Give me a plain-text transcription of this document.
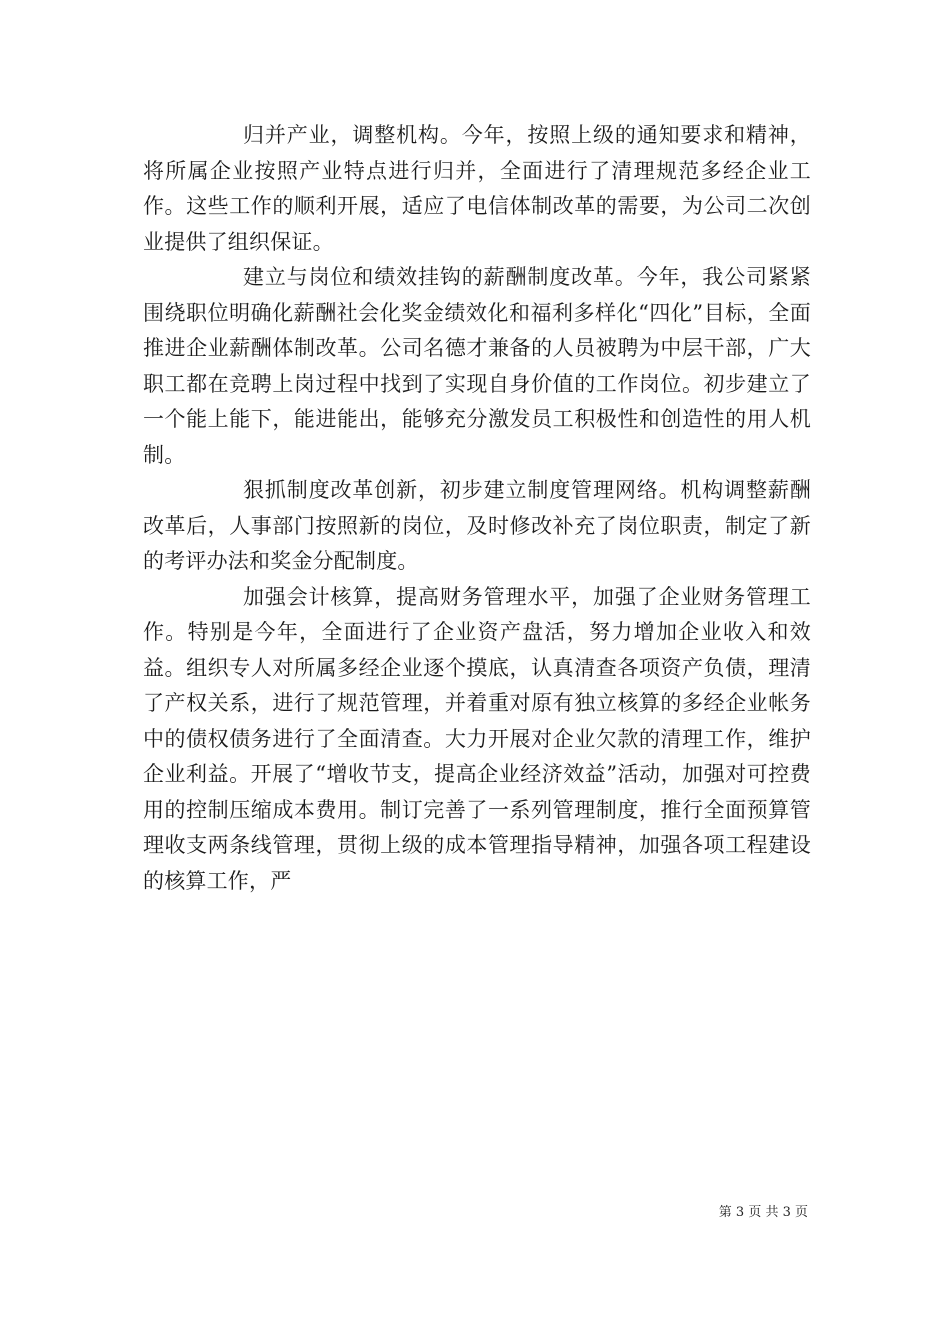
归并产业，调整机构。今年，按照上级的通知要求和精神，将所属企业按照产业特点进行归并，全面进行了清理规范多经企业工作。这些工作的顺利开展，适应了电信体制改革的需要，为公司二次创业提供了组织保证。

建立与岗位和绩效挂钩的薪酬制度改革。今年，我公司紧紧围绕职位明确化薪酬社会化奖金绩效化和福利多样化“四化”目标，全面推进企业薪酬体制改革。公司名德才兼备的人员被聘为中层干部，广大职工都在竞聘上岗过程中找到了实现自身价值的工作岗位。初步建立了一个能上能下，能进能出，能够充分激发员工积极性和创造性的用人机制。

狠抓制度改革创新，初步建立制度管理网络。机构调整薪酬改革后，人事部门按照新的岗位，及时修改补充了岗位职责，制定了新的考评办法和奖金分配制度。

加强会计核算，提高财务管理水平，加强了企业财务管理工作。特别是今年，全面进行了企业资产盘活，努力增加企业收入和效益。组织专人对所属多经企业逐个摸底，认真清查各项资产负债，理清了产权关系，进行了规范管理，并着重对原有独立核算的多经企业帐务中的债权债务进行了全面清查。大力开展对企业欠款的清理工作，维护企业利益。开展了“增收节支，提高企业经济效益”活动，加强对可控费用的控制压缩成本费用。制订完善了一系列管理制度，推行全面预算管理收支两条线管理，贯彻上级的成本管理指导精神，加强各项工程建设的核算工作，严

第 3 页 共 3 页
